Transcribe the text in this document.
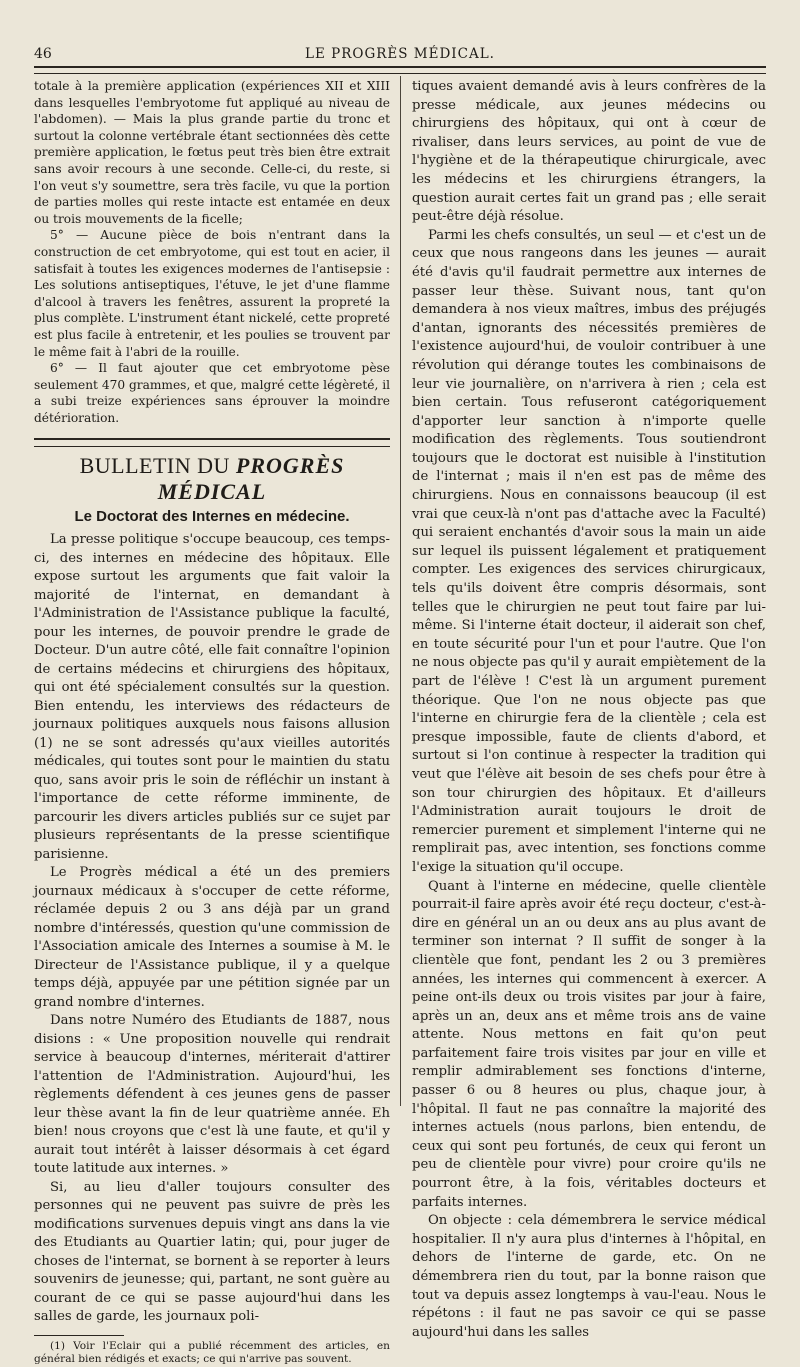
46	LE PROGRÈS MÉDICAL.

totale à la première application (expériences XII et XIII dans lesquelles l'embryotome fut appliqué au niveau de l'abdomen). — Mais la plus grande partie du tronc et surtout la colonne vertébrale étant sectionnées dès cette première application, le fœtus peut très bien être extrait sans avoir recours à une seconde. Celle-ci, du reste, si l'on veut s'y soumettre, sera très facile, vu que la portion de parties molles qui reste intacte est entamée en deux ou trois mouvements de la ficelle;

5° — Aucune pièce de bois n'entrant dans la construction de cet embryotome, qui est tout en acier, il satisfait à toutes les exigences modernes de l'antisepsie : Les solutions antiseptiques, l'étuve, le jet d'une flamme d'alcool à travers les fenêtres, assurent la propreté la plus complète. L'instrument étant nickelé, cette propreté est plus facile à entretenir, et les poulies se trouvent par le même fait à l'abri de la rouille.

6° — Il faut ajouter que cet embryotome pèse seulement 470 grammes, et que, malgré cette légèreté, il a subi treize expériences sans éprouver la moindre détérioration.

BULLETIN DU PROGRÈS MÉDICAL
Le Doctorat des Internes en médecine.

La presse politique s'occupe beaucoup, ces temps-ci, des internes en médecine des hôpitaux. Elle expose surtout les arguments que fait valoir la majorité de l'internat, en demandant à l'Administration de l'Assistance publique la faculté, pour les internes, de pouvoir prendre le grade de Docteur. D'un autre côté, elle fait connaître l'opinion de certains médecins et chirurgiens des hôpitaux, qui ont été spécialement consultés sur la question. Bien entendu, les interviews des rédacteurs de journaux politiques auxquels nous faisons allusion (1) ne se sont adressés qu'aux vieilles autorités médicales, qui toutes sont pour le maintien du statu quo, sans avoir pris le soin de réfléchir un instant à l'importance de cette réforme imminente, de parcourir les divers articles publiés sur ce sujet par plusieurs représentants de la presse scientifique parisienne.

Le Progrès médical a été un des premiers journaux médicaux à s'occuper de cette réforme, réclamée depuis 2 ou 3 ans déjà par un grand nombre d'intéressés, question qu'une commission de l'Association amicale des Internes a soumise à M. le Directeur de l'Assistance publique, il y a quelque temps déjà, appuyée par une pétition signée par un grand nombre d'internes.

Dans notre Numéro des Etudiants de 1887, nous disions : « Une proposition nouvelle qui rendrait service à beaucoup d'internes, mériterait d'attirer l'attention de l'Administration. Aujourd'hui, les règlements défendent à ces jeunes gens de passer leur thèse avant la fin de leur quatrième année. Eh bien! nous croyons que c'est là une faute, et qu'il y aurait tout intérêt à laisser désormais à cet égard toute latitude aux internes. »

Si, au lieu d'aller toujours consulter des personnes qui ne peuvent pas suivre de près les modifications survenues depuis vingt ans dans la vie des Etudiants au Quartier latin; qui, pour juger de choses de l'internat, se bornent à se reporter à leurs souvenirs de jeunesse; qui, partant, ne sont guère au courant de ce qui se passe aujourd'hui dans les salles de garde, les journaux poli-

(1) Voir l'Eclair qui a publié récemment des articles, en général bien rédigés et exacts; ce qui n'arrive pas souvent.

tiques avaient demandé avis à leurs confrères de la presse médicale, aux jeunes médecins ou chirurgiens des hôpitaux, qui ont à cœur de rivaliser, dans leurs services, au point de vue de l'hygiène et de la thérapeutique chirurgicale, avec les médecins et les chirurgiens étrangers, la question aurait certes fait un grand pas ; elle serait peut-être déjà résolue.

Parmi les chefs consultés, un seul — et c'est un de ceux que nous rangeons dans les jeunes — aurait été d'avis qu'il faudrait permettre aux internes de passer leur thèse. Suivant nous, tant qu'on demandera à nos vieux maîtres, imbus des préjugés d'antan, ignorants des nécessités premières de l'existence aujourd'hui, de vouloir contribuer à une révolution qui dérange toutes les combinaisons de leur vie journalière, on n'arrivera à rien ; cela est bien certain. Tous refuseront catégoriquement d'apporter leur sanction à n'importe quelle modification des règlements. Tous soutiendront toujours que le doctorat est nuisible à l'institution de l'internat ; mais il n'en est pas de même des chirurgiens. Nous en connaissons beaucoup (il est vrai que ceux-là n'ont pas d'attache avec la Faculté) qui seraient enchantés d'avoir sous la main un aide sur lequel ils puissent légalement et pratiquement compter. Les exigences des services chirurgicaux, tels qu'ils doivent être compris désormais, sont telles que le chirurgien ne peut tout faire par lui-même. Si l'interne était docteur, il aiderait son chef, en toute sécurité pour l'un et pour l'autre. Que l'on ne nous objecte pas qu'il y aurait empiètement de la part de l'élève ! C'est là un argument purement théorique. Que l'on ne nous objecte pas que l'interne en chirurgie fera de la clientèle ; cela est presque impossible, faute de clients d'abord, et surtout si l'on continue à respecter la tradition qui veut que l'élève ait besoin de ses chefs pour être à son tour chirurgien des hôpitaux. Et d'ailleurs l'Administration aurait toujours le droit de remercier purement et simplement l'interne qui ne remplirait pas, avec intention, ses fonctions comme l'exige la situation qu'il occupe.

Quant à l'interne en médecine, quelle clientèle pourrait-il faire après avoir été reçu docteur, c'est-à-dire en général un an ou deux ans au plus avant de terminer son internat ? Il suffit de songer à la clientèle que font, pendant les 2 ou 3 premières années, les internes qui commencent à exercer. A peine ont-ils deux ou trois visites par jour à faire, après un an, deux ans et même trois ans de vaine attente. Nous mettons en fait qu'on peut parfaitement faire trois visites par jour en ville et remplir admirablement ses fonctions d'interne, passer 6 ou 8 heures ou plus, chaque jour, à l'hôpital. Il faut ne pas connaître la majorité des internes actuels (nous parlons, bien entendu, de ceux qui sont peu fortunés, de ceux qui feront un peu de clientèle pour vivre) pour croire qu'ils ne pourront être, à la fois, véritables docteurs et parfaits internes.

On objecte : cela démembrera le service médical hospitalier. Il n'y aura plus d'internes à l'hôpital, en dehors de l'interne de garde, etc. On ne démembrera rien du tout, par la bonne raison que tout va depuis assez longtemps à vau-l'eau. Nous le répétons : il faut ne pas savoir ce qui se passe aujourd'hui dans les salles
